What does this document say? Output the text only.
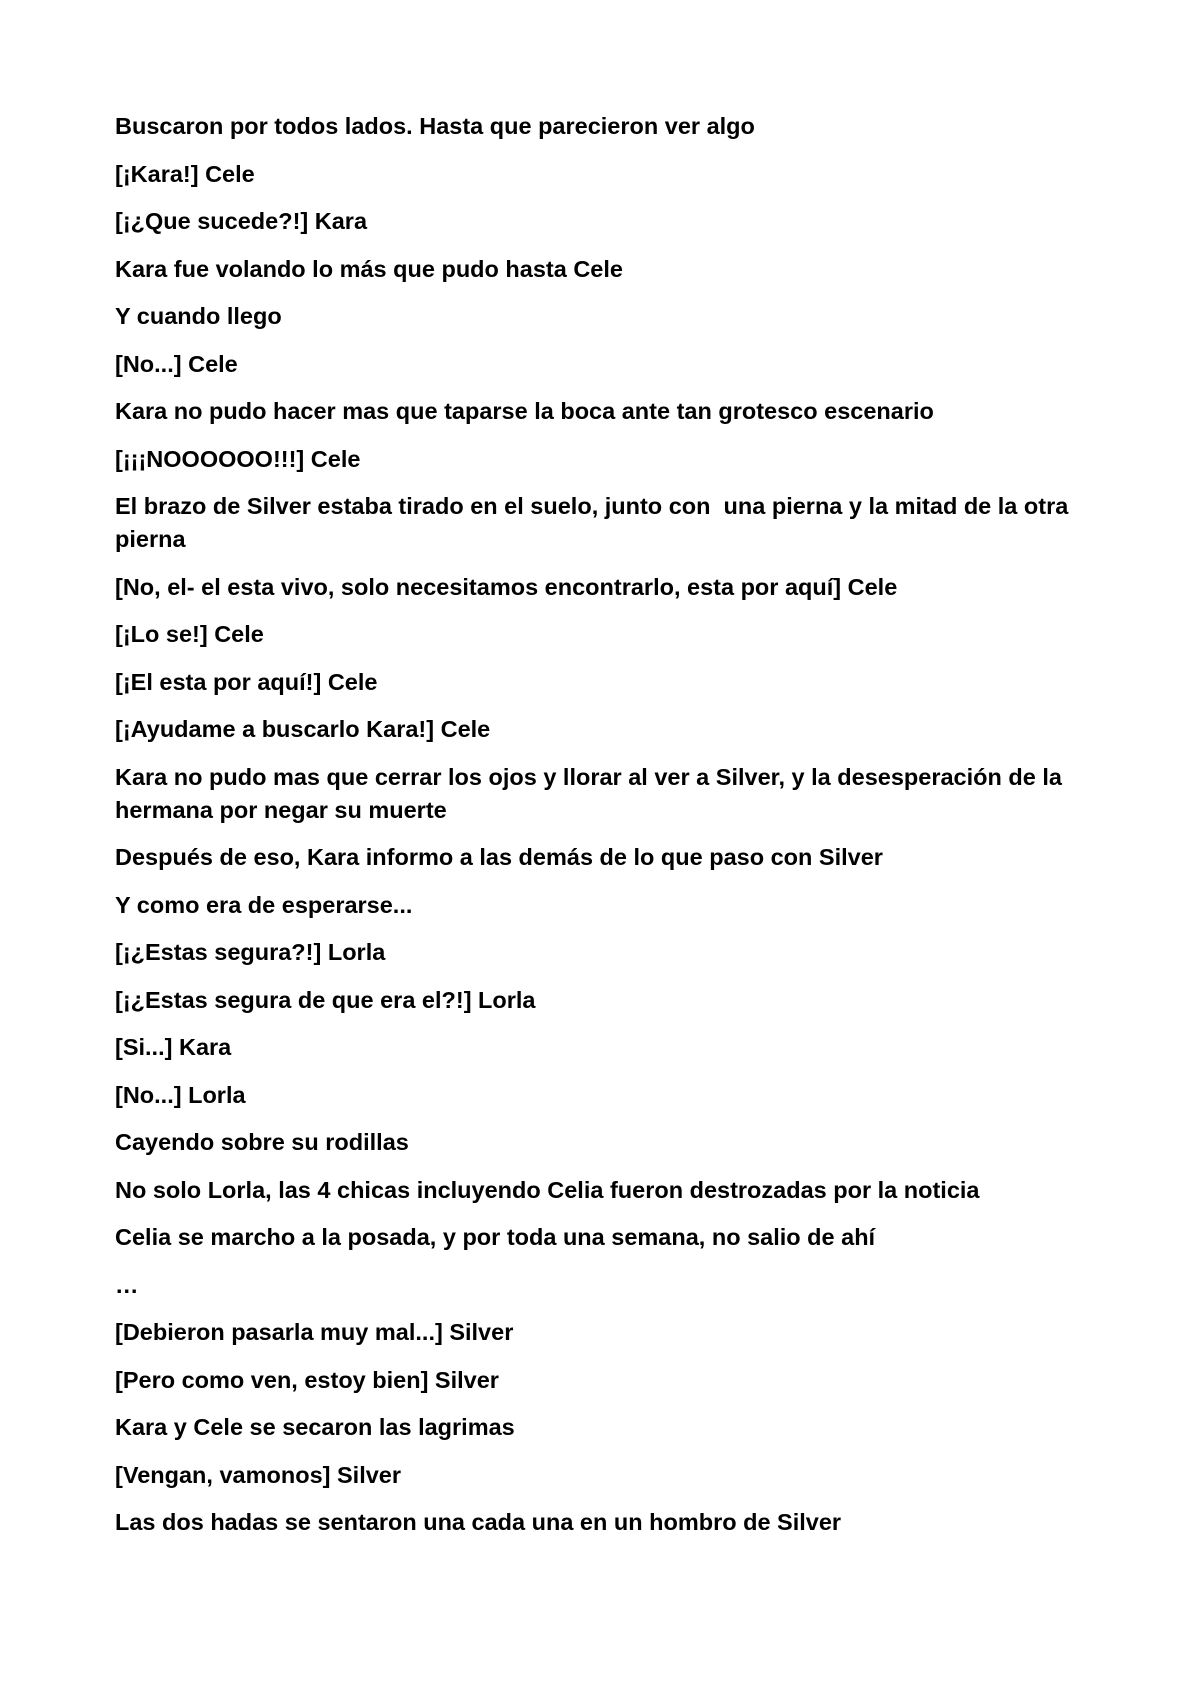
Buscaron por todos lados. Hasta que parecieron ver algo

[¡Kara!] Cele

[¡¿Que sucede?!] Kara

Kara fue volando lo más que pudo hasta Cele

Y cuando llego

[No...] Cele

Kara no pudo hacer mas que taparse la boca ante tan grotesco escenario

[¡¡¡NOOOOOO!!!] Cele

El brazo de Silver estaba tirado en el suelo, junto con  una pierna y la mitad de la otra pierna

[No, el- el esta vivo, solo necesitamos encontrarlo, esta por aquí] Cele

[¡Lo se!] Cele

[¡El esta por aquí!] Cele

[¡Ayudame a buscarlo Kara!] Cele

Kara no pudo mas que cerrar los ojos y llorar al ver a Silver, y la desesperación de la hermana por negar su muerte

Después de eso, Kara informo a las demás de lo que paso con Silver

Y como era de esperarse...

[¡¿Estas segura?!] Lorla

[¡¿Estas segura de que era el?!] Lorla

[Si...] Kara

[No...] Lorla

Cayendo sobre su rodillas

No solo Lorla, las 4 chicas incluyendo Celia fueron destrozadas por la noticia

Celia se marcho a la posada, y por toda una semana, no salio de ahí

…

[Debieron pasarla muy mal...] Silver

[Pero como ven, estoy bien] Silver

Kara y Cele se secaron las lagrimas

[Vengan, vamonos] Silver

Las dos hadas se sentaron una cada una en un hombro de Silver
